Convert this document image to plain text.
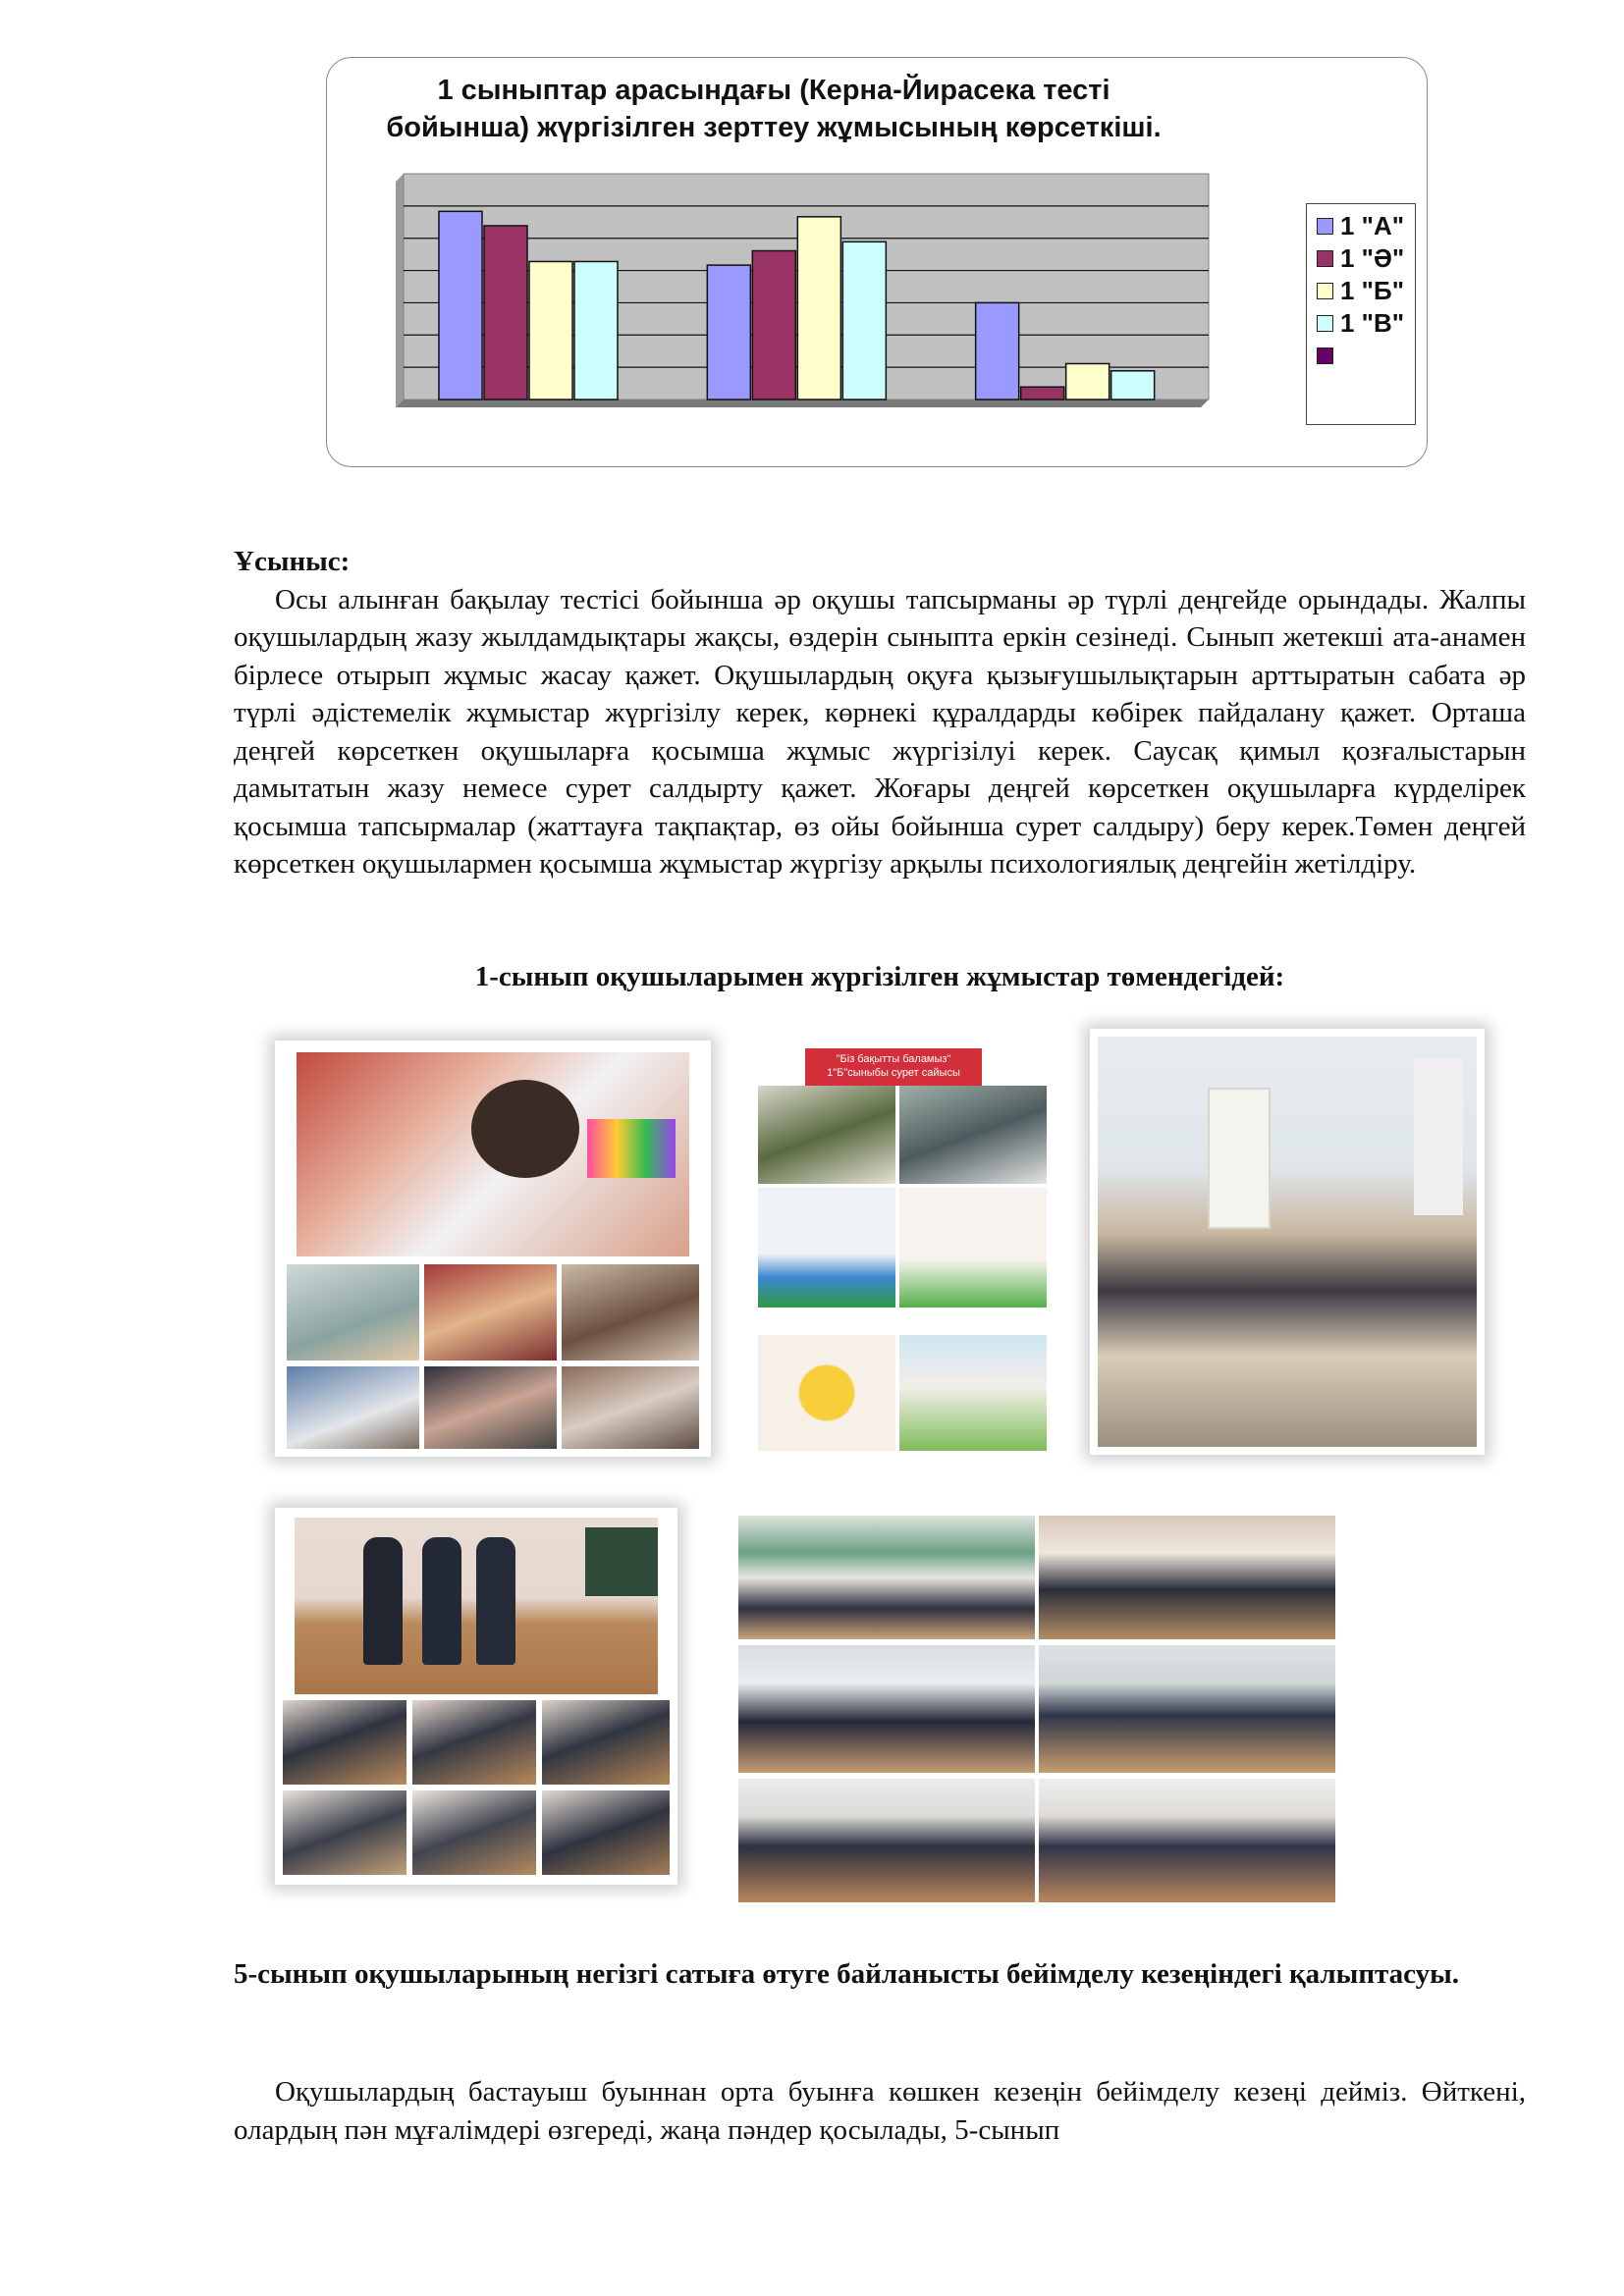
1 сыныптар арасындағы (Керна-Йирасека тесті бойынша) жүргізілген зерттеу жұмысының көрсеткіші.
1 "А"
1 "Ә"
1 "Б"
1 "В"
Ұсыныс:

Осы алынған бақылау тестісі бойынша әр оқушы тапсырманы әр түрлі деңгейде орындады. Жалпы оқушылардың жазу жылдамдықтары жақсы, өздерін сыныпта еркін сезінеді. Сынып жетекші ата-анамен бірлесе отырып жұмыс жасау қажет. Оқушылардың оқуға қызығушылықтарын арттыратын сабата әр түрлі әдістемелік жұмыстар жүргізілу керек, көрнекі құралдарды көбірек пайдалану қажет. Орташа деңгей көрсеткен оқушыларға қосымша жұмыс жүргізілуі керек. Саусақ қимыл қозғалыстарын дамытатын жазу немесе сурет салдырту қажет. Жоғары деңгей көрсеткен оқушыларға күрделірек қосымша тапсырмалар (жаттауға тақпақтар, өз ойы бойынша сурет салдыру) беру керек.Төмен деңгей көрсеткен оқушылармен қосымша жұмыстар жүргізу арқылы психологиялық деңгейін жетілдіру.

1-сынып оқушыларымен жүргізілген жұмыстар төмендегідей:
"Біз бақытты баламыз"
1"Б"сыныбы сурет сайысы
5-сынып оқушыларының негізгі сатыға өтуге байланысты бейімделу кезеңіндегі қалыптасуы.

Оқушылардың бастауыш буыннан орта буынға көшкен кезеңін бейімделу кезеңі дейміз. Өйткені, олардың пән мұғалімдері өзгереді, жаңа пәндер қосылады, 5-сынып
